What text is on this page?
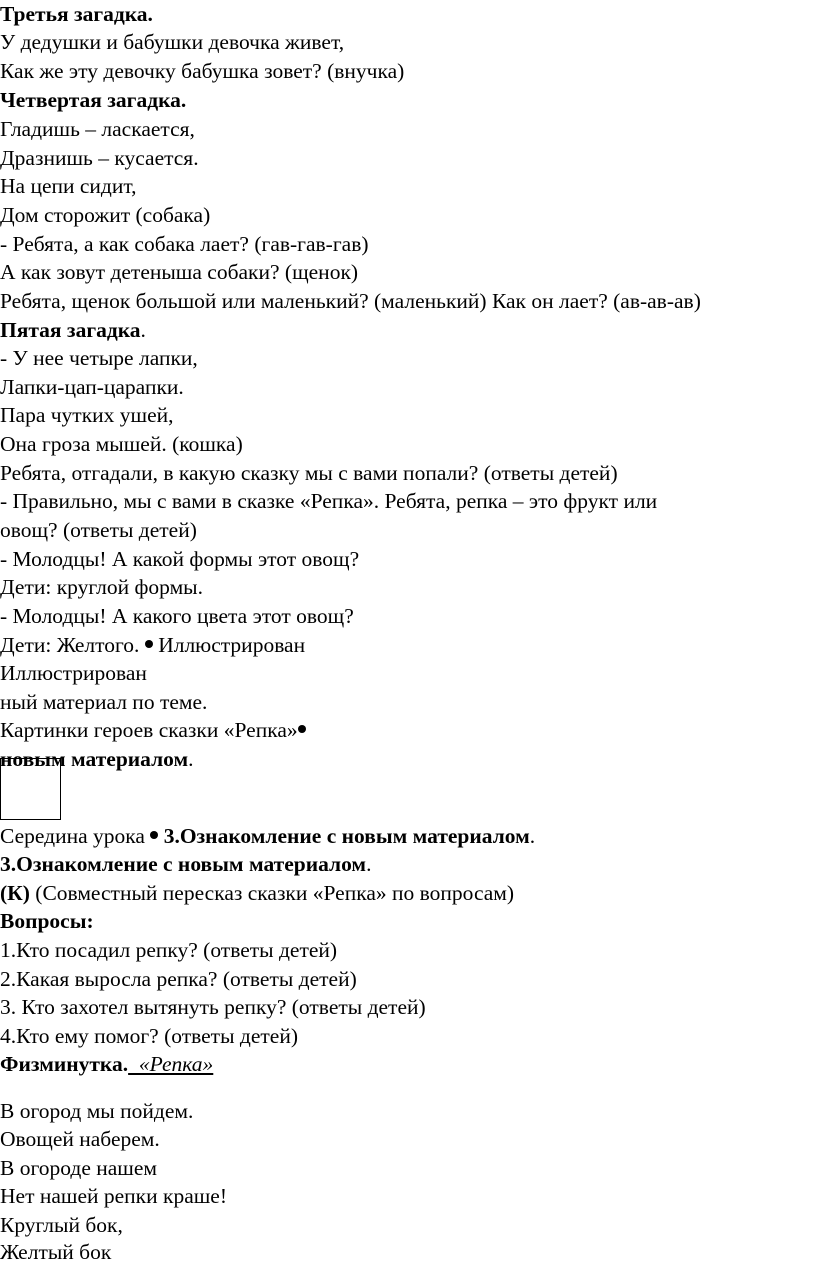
Третья загадка.
У дедушки и бабушки девочка живет,
Как же эту девочку бабушка зовет? (внучка)
Четвертая загадка.
Гладишь – ласкается,
Дразнишь – кусается.
На цепи сидит,
Дом сторожит (собака)
- Ребята, а как собака лает? (гав-гав-гав)
А как зовут детеныша собаки? (щенок)
Ребята, щенок большой или маленький? (маленький) Как он лает? (ав-ав-ав)
Пятая загадка.
- У нее четыре лапки,
Лапки-цап-царапки.
Пара чутких ушей,
Она гроза мышей. (кошка)
Ребята, отгадали, в какую сказку мы с вами попали? (ответы детей)
- Правильно, мы с вами в сказке «Репка». Ребята, репка – это фрукт или
овощ? (ответы детей)
- Молодцы! А какой формы этот овощ?
Дети: круглой формы.
- Молодцы! А какого цвета этот овощ?
Дети: Желтого. Иллюстрирован
Иллюстрирован
ный материал по теме.
Картинки героев сказки «Репка»
новым материалом.
Середина урока 3.Ознакомление с новым материалом.
3.Ознакомление с новым материалом.
(К) (Совместный пересказ сказки «Репка» по вопросам)
Вопросы:
1.Кто посадил репку? (ответы детей)
2.Какая выросла репка? (ответы детей)
3. Кто захотел вытянуть репку? (ответы детей)
4.Кто ему помог? (ответы детей)
Физминутка.  «Репка»
В огород мы пойдем.
Овощей наберем.
В огороде нашем
Нет нашей репки краше!
Круглый бок,
Желтый бок
